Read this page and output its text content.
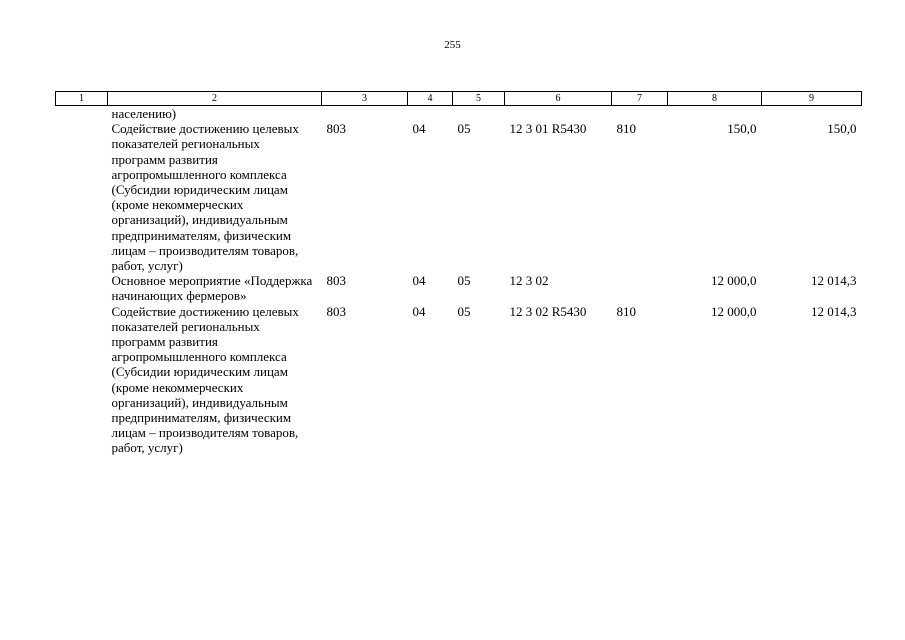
255
1	2	3	4	5	6	7	8	9
	населению)							
	Содействие достижению целевых показателей региональных программ развития агропромышленного комплекса (Субсидии юридическим лицам (кроме некоммерческих организаций), индивидуальным предпринимателям, физическим лицам – производителям товаров, работ, услуг)	803	04	05	12 3 01 R5430	810	150,0	150,0
	Основное мероприятие «Поддержка начинающих фермеров»	803	04	05	12 3 02		12 000,0	12 014,3
	Содействие достижению целевых показателей региональных программ развития агропромышленного комплекса (Субсидии юридическим лицам (кроме некоммерческих организаций), индивидуальным предпринимателям, физическим лицам – производителям товаров, работ, услуг)	803	04	05	12 3 02 R5430	810	12 000,0	12 014,3
